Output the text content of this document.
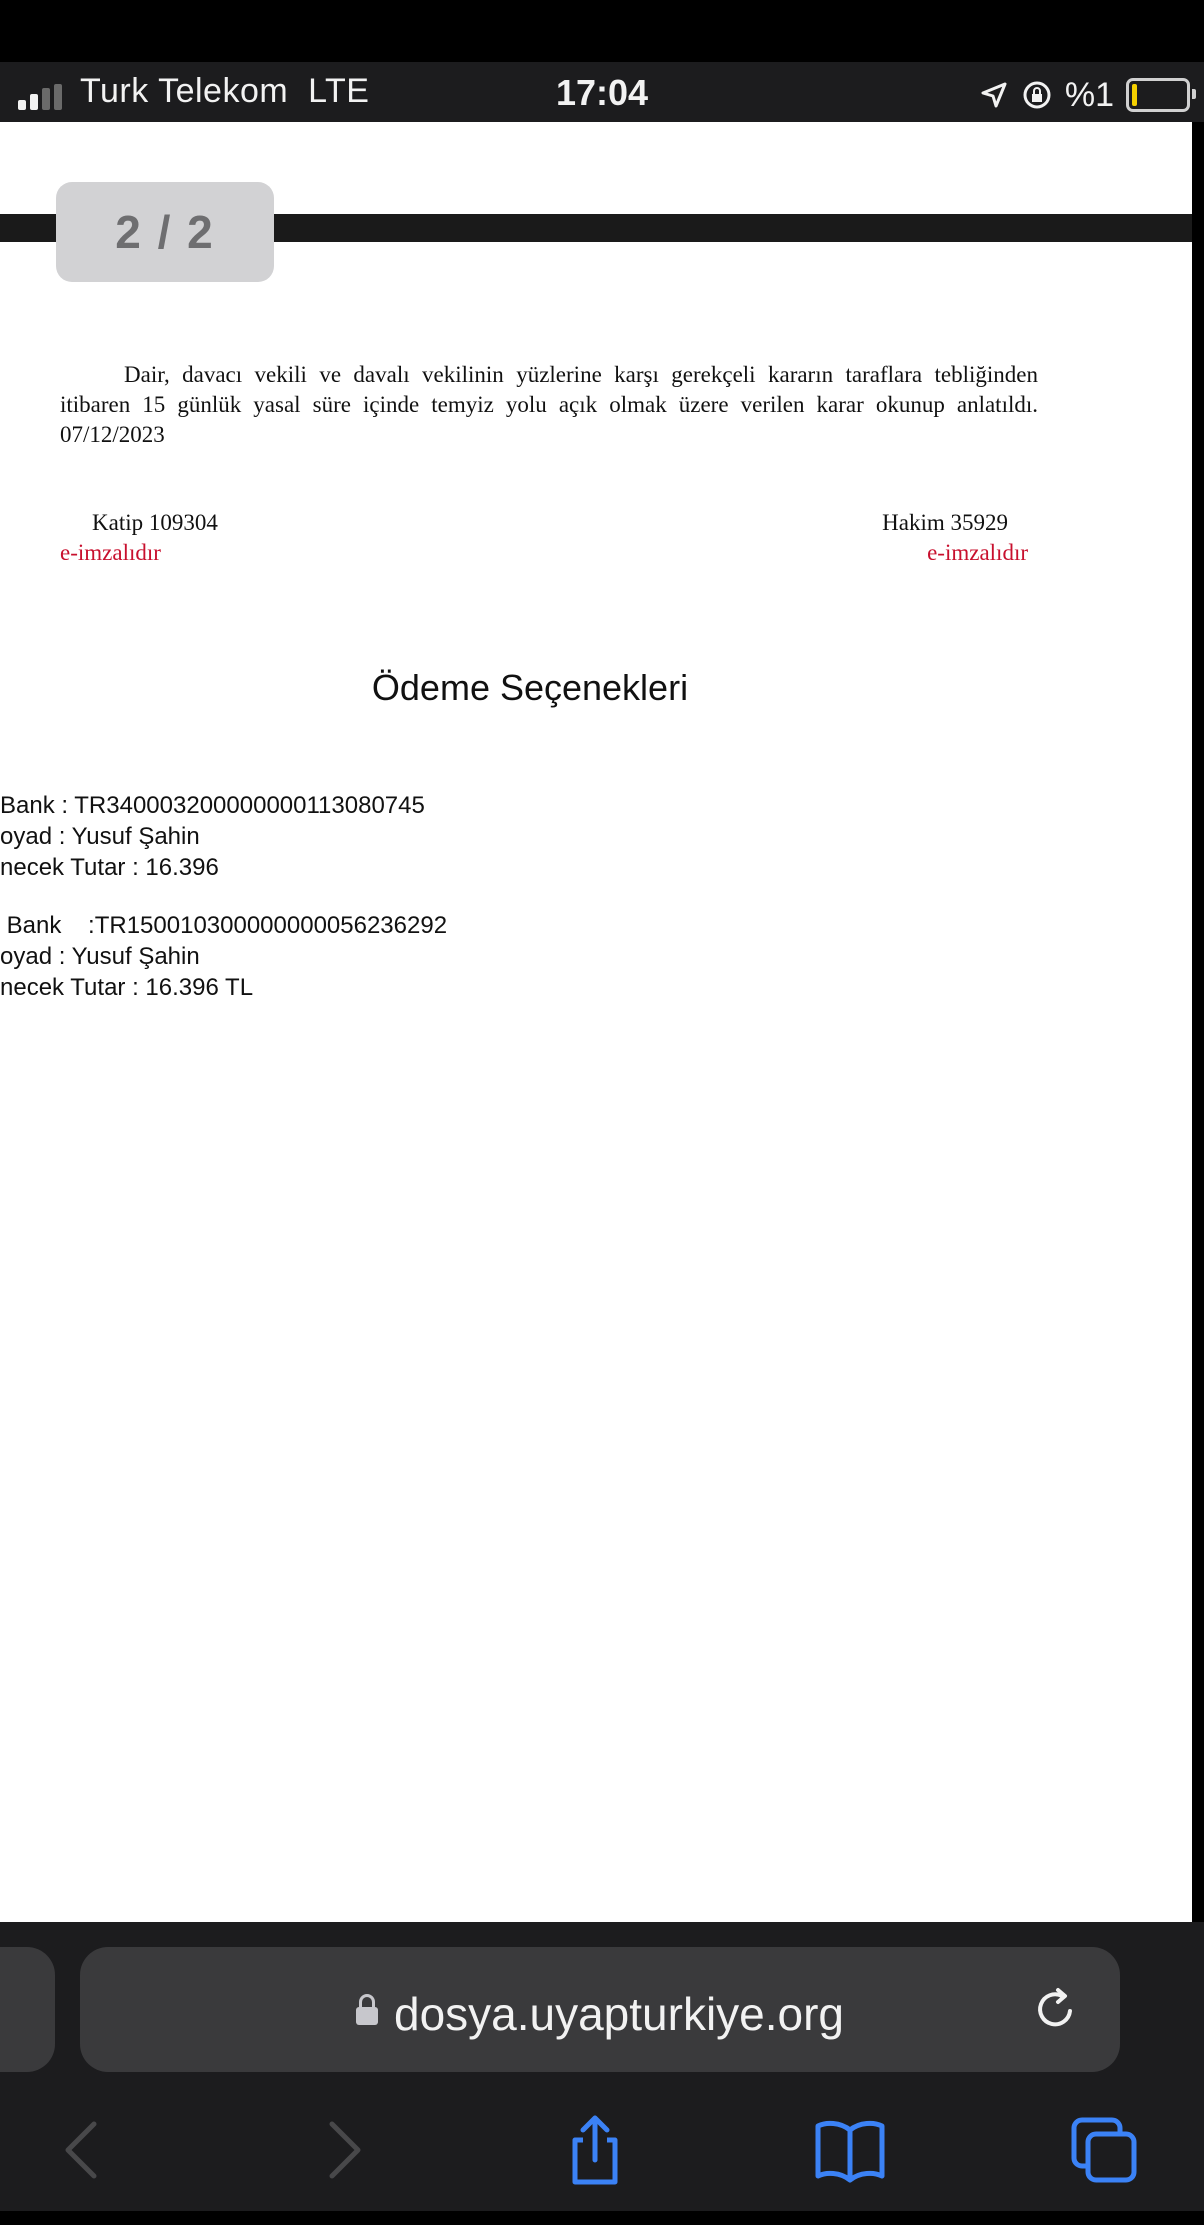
Turk Telekom LTE	17:04	%1
2 / 2
Dair, davacı vekili ve davalı vekilinin yüzlerine karşı gerekçeli kararın taraflara tebliğinden itibaren 15 günlük yasal süre içinde temyiz yolu açık olmak üzere verilen karar okunup anlatıldı. 07/12/2023
Katip 109304
e-imzalıdır
Hakim 35929
e-imzalıdır
Ödeme Seçenekleri
Bank : TR340003200000000113080745
oyad : Yusuf Şahin
necek Tutar : 16.396
Bank    :TR150010300000000056236292
oyad : Yusuf Şahin
necek Tutar : 16.396 TL
dosya.uyapturkiye.org
